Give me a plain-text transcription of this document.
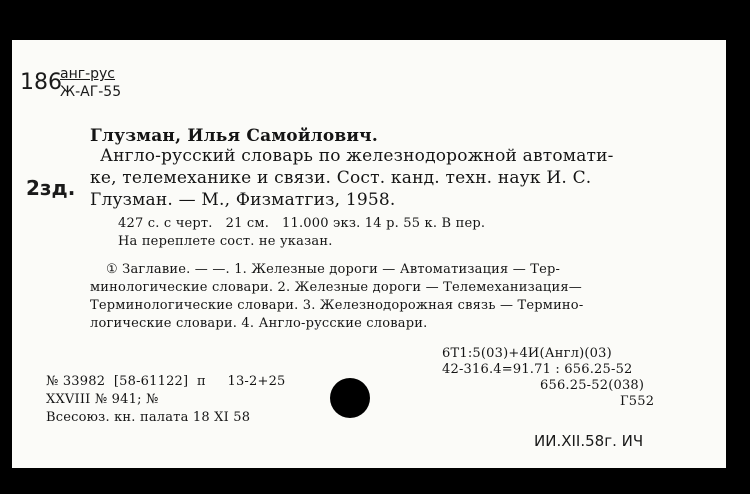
186
анг-рус
Ж-АГ-55
Глузман, Илья Самойлович.
Англо-русский словарь по железнодорожной автомати-
2зд. ке, телемеханике и связи. Сост. канд. техн. наук И. С.
Глузман. — М., Физматгиз, 1958.
427 с. с черт.   21 см.   11.000 экз. 14 р. 55 к. В пер.
На переплете сост. не указан.
① Заглавие. — —. 1. Железные дороги — Автоматизация — Тер-
минологические словари. 2. Железные дороги — Телемеханизация—
Терминологические словари. 3. Железнодорожная связь — Термино-
логические словари. 4. Англо-русские словари.
6Т1:5(03)+4И(Англ)(03)
42-316.4=91.71 : 656.25-52
656.25-52(038)
Г552
№ 33982  [58-61122]  п     13-2+25
XXVIII № 941; №
Всесоюз. кн. палата 18 XI 58
ИИ.XII.58г. ИЧ
